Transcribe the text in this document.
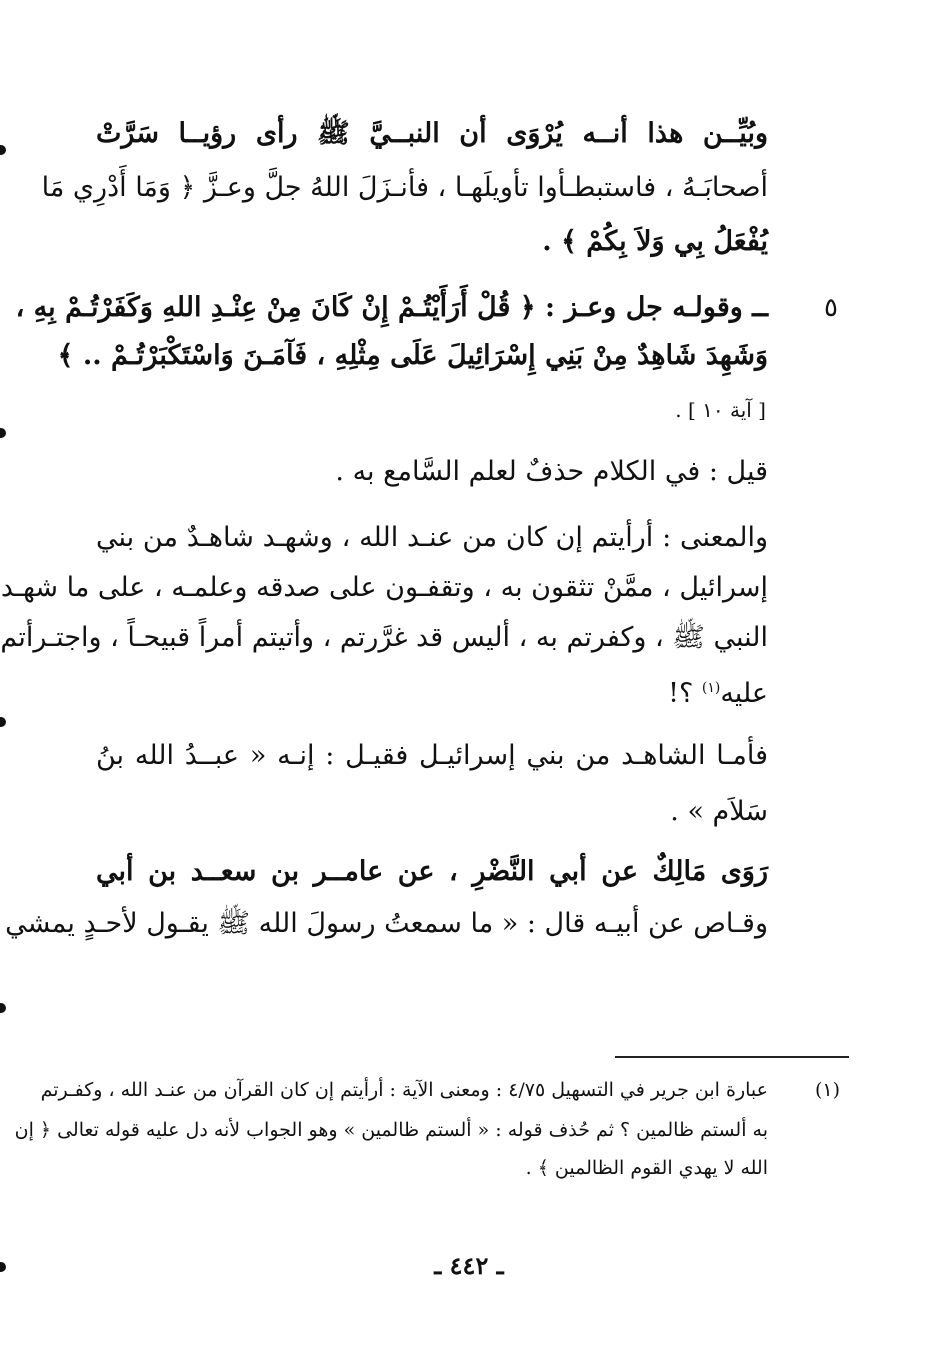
وبُيِّــن هذا أنــه يُرْوَى أن النبــيَّ ﷺ رأى رؤيــا سَرَّتْ
أصحابَـهُ ، فاستبطـأوا تأويلَهـا ، فأنـزَلَ اللهُ جلَّ وعـزَّ ﴿ وَمَا أَدْرِي مَا
يُفْعَلُ بِي وَلاَ بِكُمْ ﴾ .
٥
ــ وقولـه جل وعـز : ﴿ قُلْ أَرَأَيْتُـمْ إِنْ كَانَ مِنْ عِنْـدِ اللهِ وَكَفَرْتُـمْ بِهِ ،
وَشَهِدَ شَاهِدٌ مِنْ بَنِي إِسْرَائِيلَ عَلَى مِثْلِهِ ، فَآمَـنَ وَاسْتَكْبَرْتُـمْ .. ﴾
[ آية ١٠ ] .
قيل : في الكلام حذفٌ لعلم السَّامع به .
والمعنى : أرأيتم إن كان من عنـد الله ، وشهـد شاهـدٌ من بني
إسرائيل ، ممَّنْ تثقون به ، وتقفـون على صدقه وعلمـه ، على ما شهـد
النبي ﷺ ، وكفرتم به ، أليس قد غرَّرتم ، وأتيتم أمراً قبيحـاً ، واجتـرأتم
عليه$^{(١)}$ ؟!
فأمـا الشاهـد من بني إسرائيـل فقيـل : إنـه « عبــدُ الله بنُ
سَلاَم » .
رَوَى مَالِكٌ عن أبي النَّضْرِ ، عن عامــر بن سعــد بن أبي
وقـاص عن أبيـه قال : « ما سمعتُ رسولَ الله ﷺ يقـول لأحـدٍ يمشي
(١)
عبارة ابن جرير في التسهيل ٤/٧٥ : ومعنى الآية : أرأيتم إن كان القرآن من عنـد الله ، وكفـرتم
به ألستم ظالمين ؟ ثم حُذف قوله : « ألستم ظالمين » وهو الجواب لأنه دل عليه قوله تعالى ﴿ إن
الله لا يهدي القوم الظالمين ﴾ .
ـ ٤٤٢ ـ
